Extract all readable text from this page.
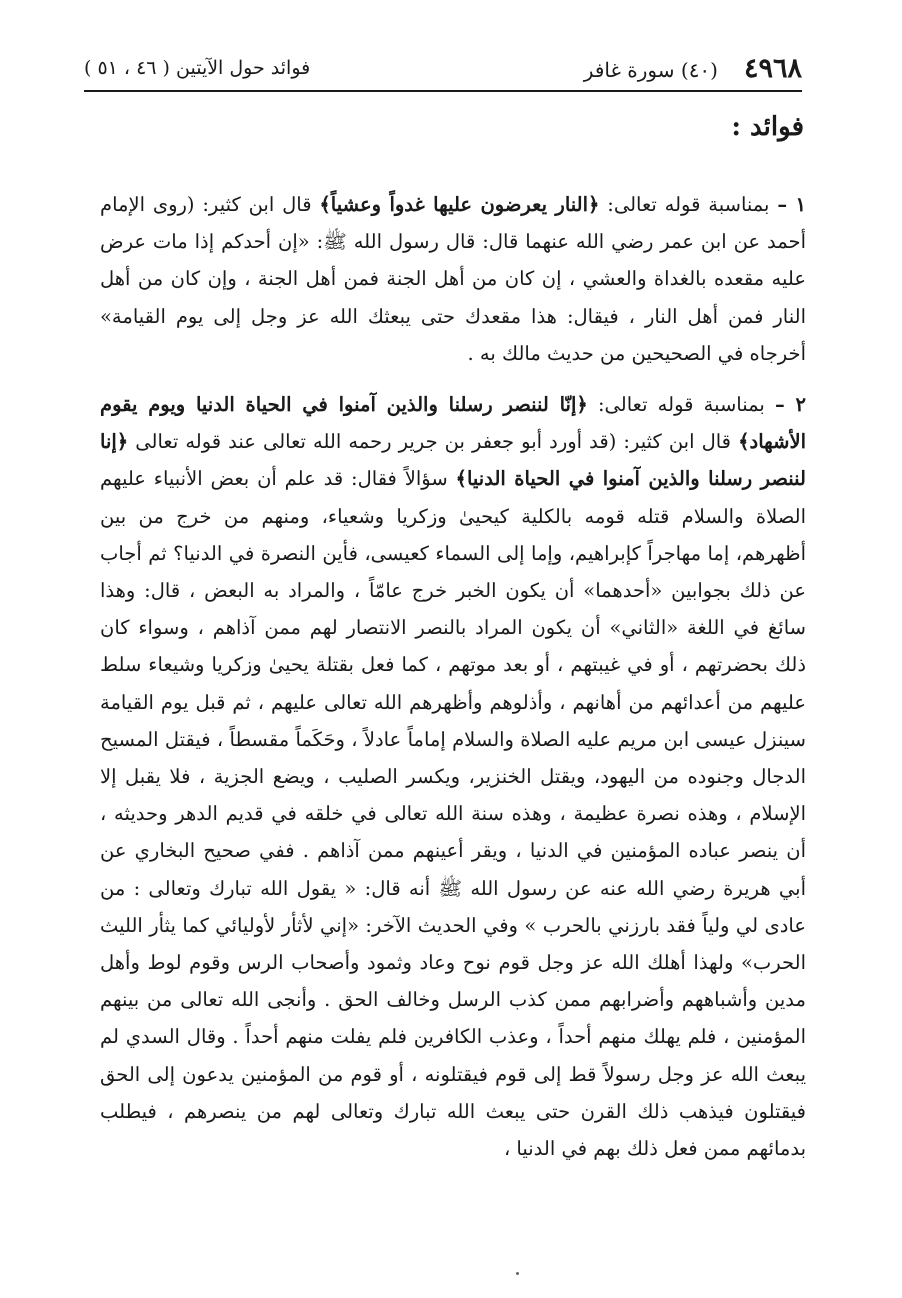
٤٩٦٨
(٤٠) سورة غافر
فوائد حول الآيتين ( ٤٦ ، ٥١ )
فوائد :

١ – بمناسبة قوله تعالى: ﴿النار يعرضون عليها غدواً وعشياً﴾ قال ابن كثير: (روى الإمام أحمد عن ابن عمر رضي الله عنهما قال: قال رسول الله ﷺ: «إن أحدكم إذا مات عرض عليه مقعده بالغداة والعشي ، إن كان من أهل الجنة فمن أهل الجنة ، وإن كان من أهل النار فمن أهل النار ، فيقال: هذا مقعدك حتى يبعثك الله عز وجل إلى يوم القيامة» أخرجاه في الصحيحين من حديث مالك به .

٢ – بمناسبة قوله تعالى: ﴿إنّا لننصر رسلنا والذين آمنوا في الحياة الدنيا ويوم يقوم الأشهاد﴾ قال ابن كثير: (قد أورد أبو جعفر بن جرير رحمه الله تعالى عند قوله تعالى ﴿إنا لننصر رسلنا والذين آمنوا في الحياة الدنيا﴾ سؤالاً فقال: قد علم أن بعض الأنبياء عليهم الصلاة والسلام قتله قومه بالكلية كيحيىٰ وزكريا وشعياء، ومنهم من خرج من بين أظهرهم، إما مهاجراً كإبراهيم، وإما إلى السماء كعيسى، فأين النصرة في الدنيا؟ ثم أجاب عن ذلك بجوابين «أحدهما» أن يكون الخبر خرج عامّاً ، والمراد به البعض ، قال: وهذا سائغ في اللغة «الثاني» أن يكون المراد بالنصر الانتصار لهم ممن آذاهم ، وسواء كان ذلك بحضرتهم ، أو في غيبتهم ، أو بعد موتهم ، كما فعل بقتلة يحيىٰ وزكريا وشيعاء سلط عليهم من أعدائهم من أهانهم ، وأذلوهم وأظهرهم الله تعالى عليهم ، ثم قبل يوم القيامة سينزل عيسى ابن مريم عليه الصلاة والسلام إماماً عادلاً ، وحَكَماً مقسطاً ، فيقتل المسيح الدجال وجنوده من اليهود، ويقتل الخنزير، ويكسر الصليب ، ويضع الجزية ، فلا يقبل إلا الإسلام ، وهذه نصرة عظيمة ، وهذه سنة الله تعالى في خلقه في قديم الدهر وحديثه ، أن ينصر عباده المؤمنين في الدنيا ، ويقر أعينهم ممن آذاهم . ففي صحيح البخاري عن أبي هريرة رضي الله عنه عن رسول الله ﷺ أنه قال: « يقول الله تبارك وتعالى : من عادى لي ولياً فقد بارزني بالحرب » وفي الحديث الآخر: «إني لأثأر لأوليائي كما يثأر الليث الحرب» ولهذا أهلك الله عز وجل قوم نوح وعاد وثمود وأصحاب الرس وقوم لوط وأهل مدين وأشباههم وأضرابهم ممن كذب الرسل وخالف الحق . وأنجى الله تعالى من بينهم المؤمنين ، فلم يهلك منهم أحداً ، وعذب الكافرين فلم يفلت منهم أحداً . وقال السدي لم يبعث الله عز وجل رسولاً قط إلى قوم فيقتلونه ، أو قوم من المؤمنين يدعون إلى الحق فيقتلون فيذهب ذلك القرن حتى يبعث الله تبارك وتعالى لهم من ينصرهم ، فيطلب بدمائهم ممن فعل ذلك بهم في الدنيا ،
